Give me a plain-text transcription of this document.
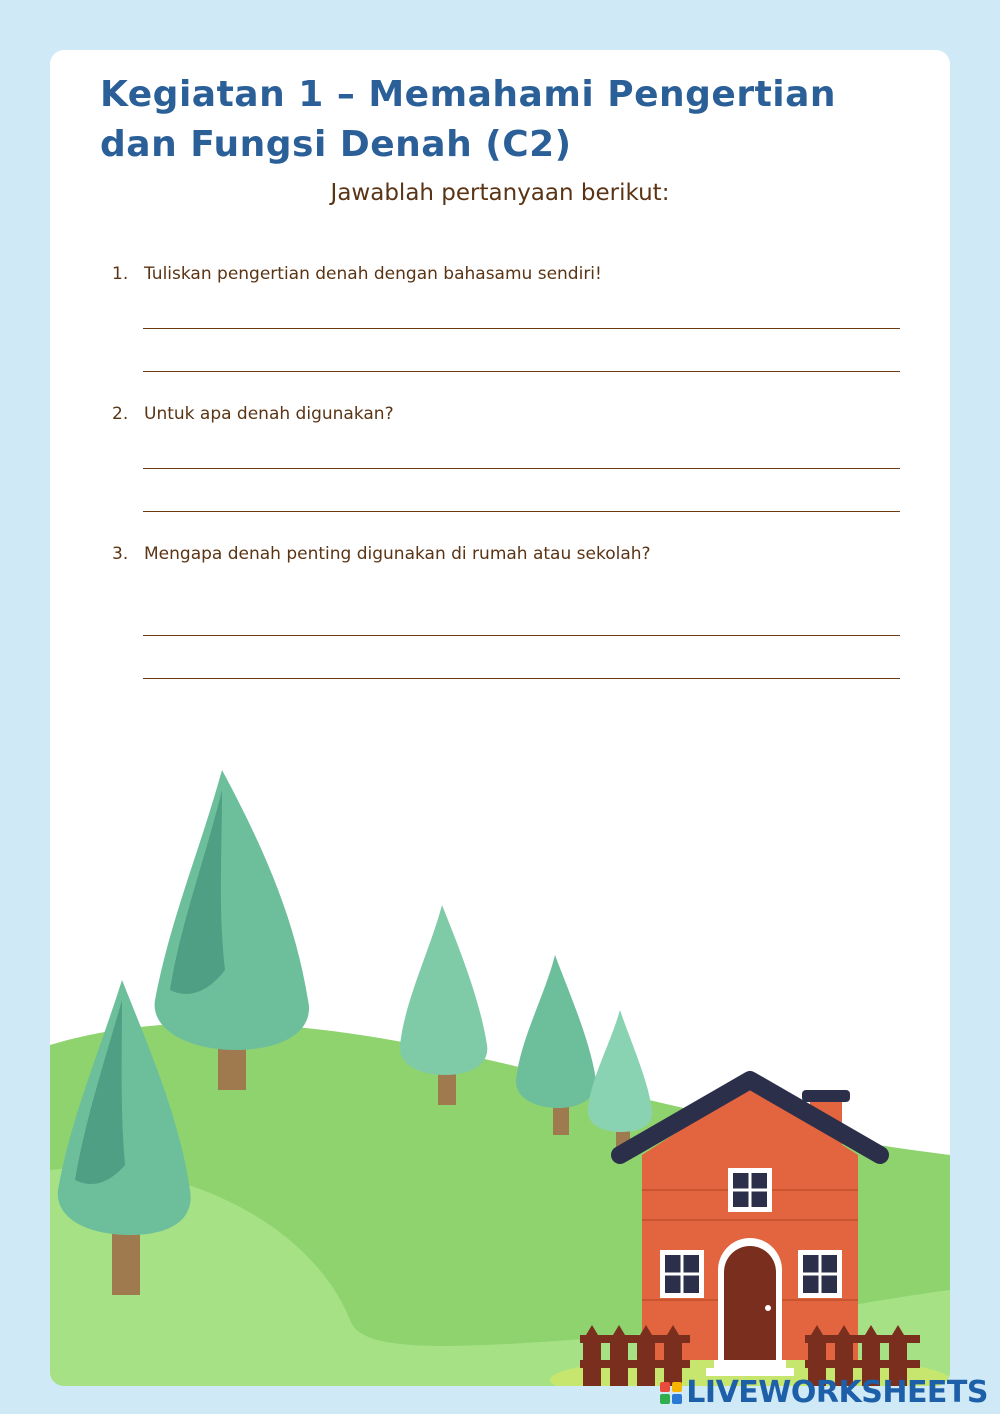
Kegiatan 1 – Memahami Pengertian dan Fungsi Denah (C2)
Jawablah pertanyaan berikut:
1. Tuliskan pengertian denah dengan bahasamu sendiri!
2. Untuk apa denah digunakan?
3. Mengapa denah penting digunakan di rumah atau sekolah?
LIVEWORKSHEETS
